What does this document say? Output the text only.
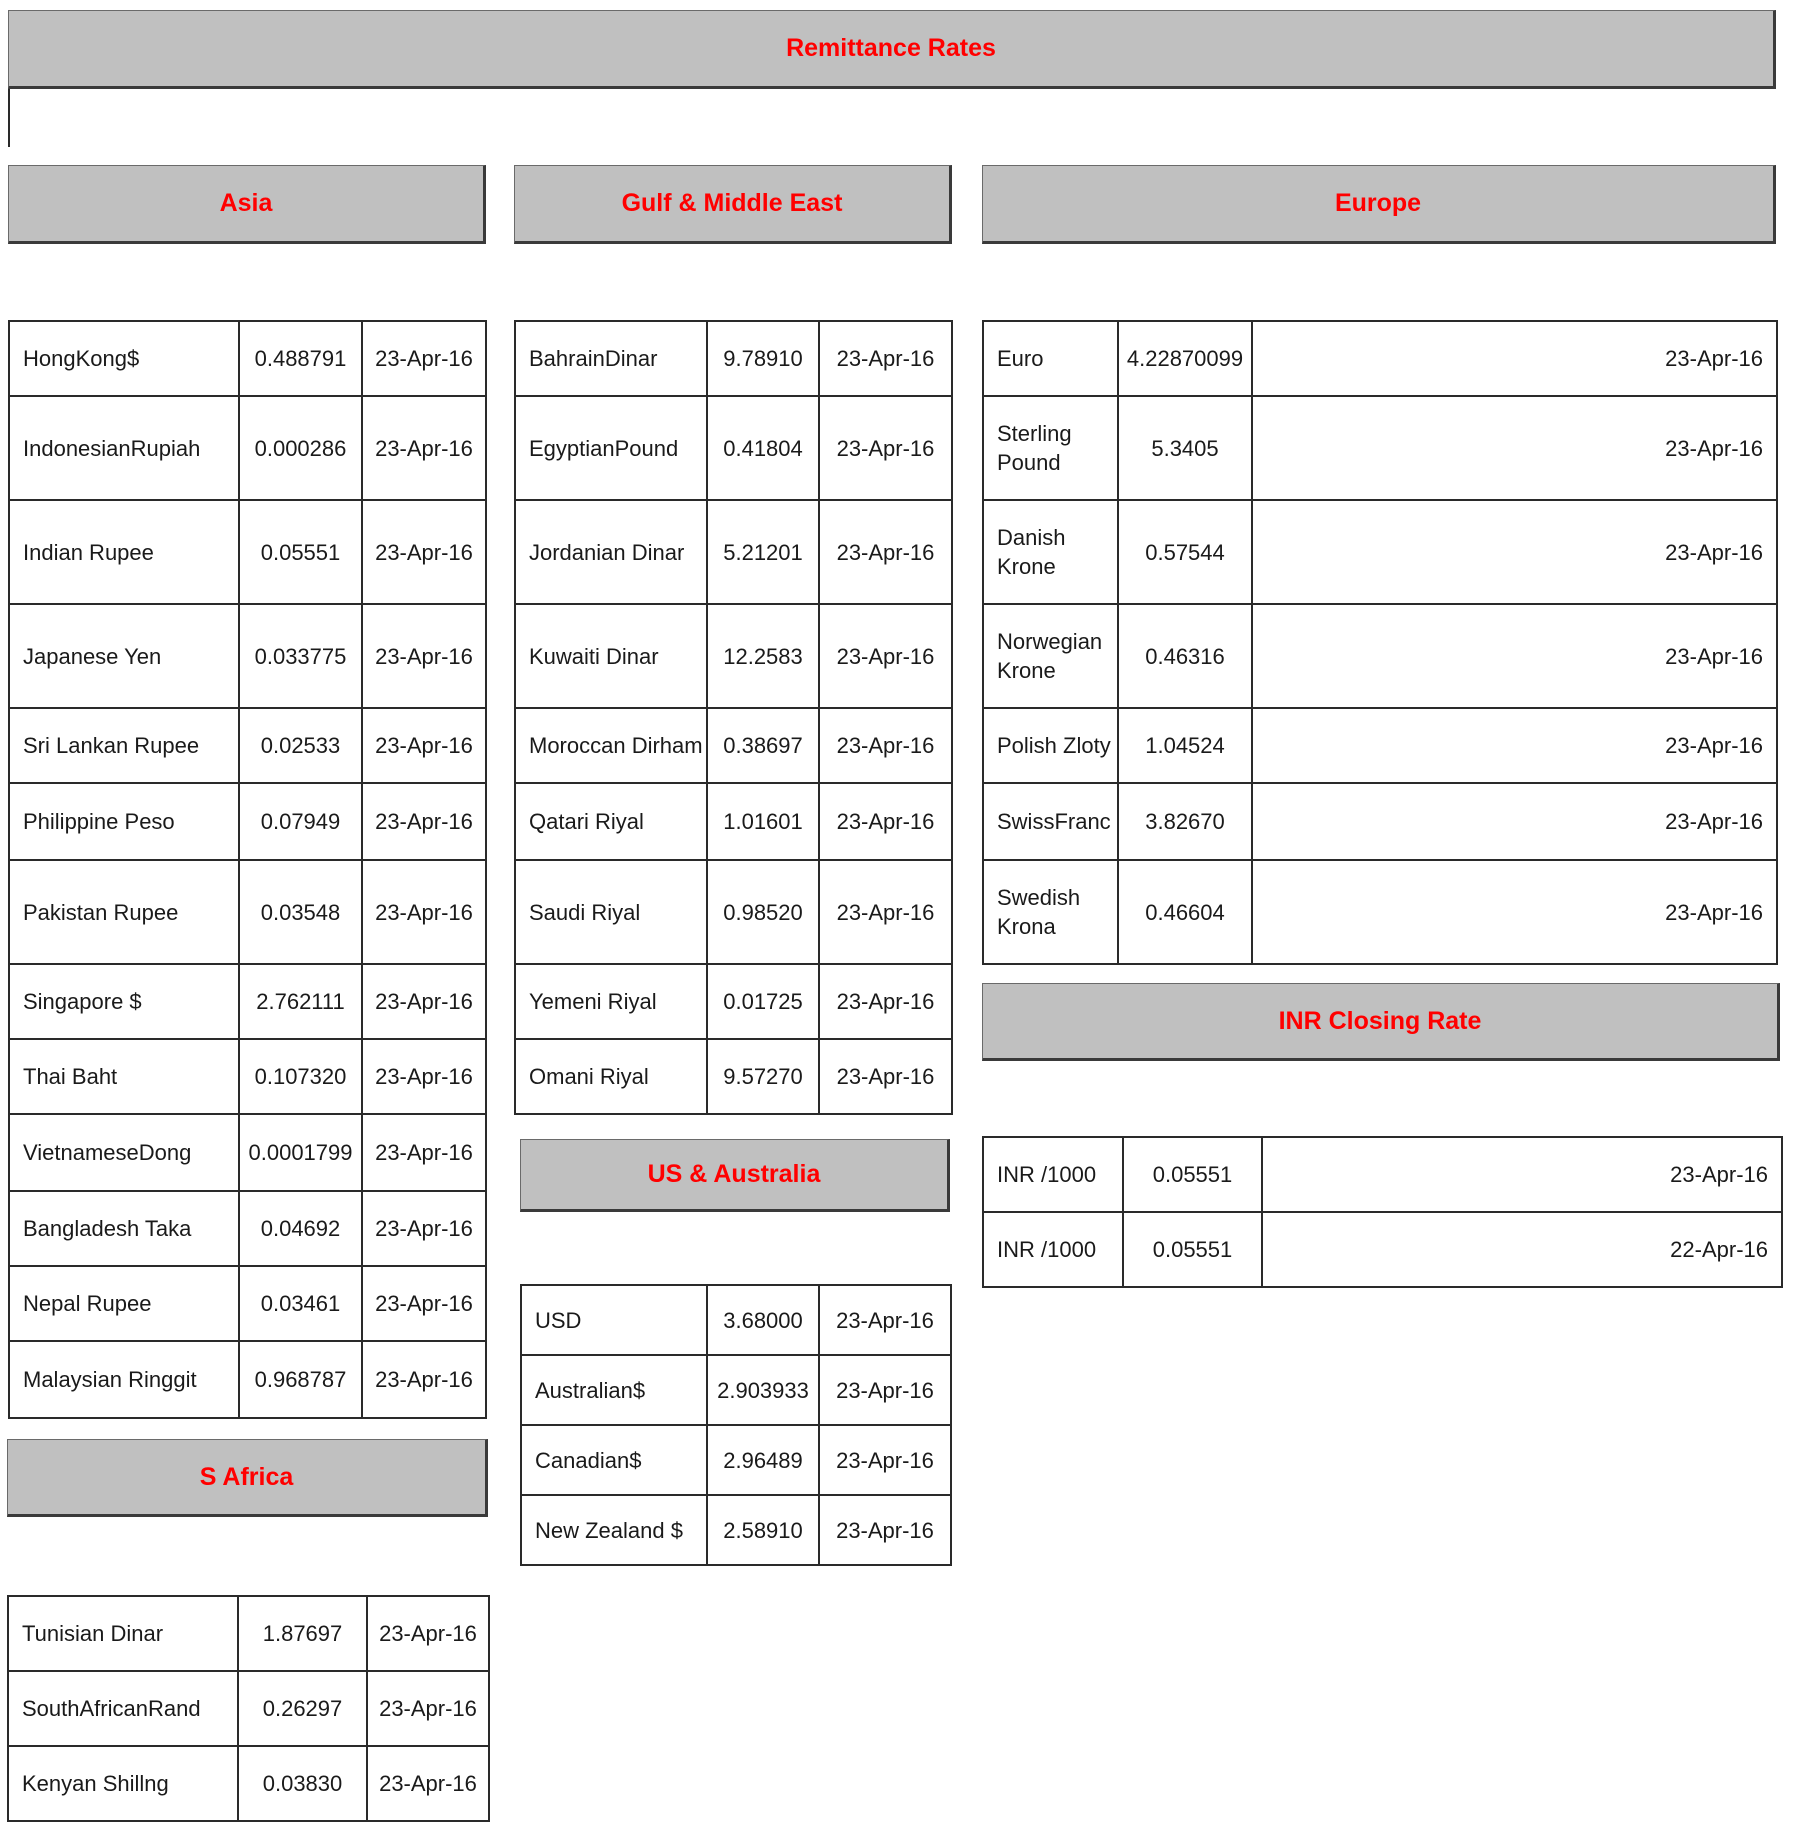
Remittance Rates
Asia	Gulf & Middle East	Europe
INR Closing Rate
US & Australia
S Africa
HongKong$	0.488791	23-Apr-16
IndonesianRupiah	0.000286	23-Apr-16
Indian Rupee	0.05551	23-Apr-16
Japanese Yen	0.033775	23-Apr-16
Sri Lankan Rupee	0.02533	23-Apr-16
Philippine Peso	0.07949	23-Apr-16
Pakistan Rupee	0.03548	23-Apr-16
Singapore $	2.762111	23-Apr-16
Thai Baht	0.107320	23-Apr-16
VietnameseDong	0.0001799	23-Apr-16
Bangladesh Taka	0.04692	23-Apr-16
Nepal Rupee	0.03461	23-Apr-16
Malaysian Ringgit	0.968787	23-Apr-16
BahrainDinar	9.78910	23-Apr-16
EgyptianPound	0.41804	23-Apr-16
Jordanian Dinar	5.21201	23-Apr-16
Kuwaiti Dinar	12.2583	23-Apr-16
Moroccan Dirham	0.38697	23-Apr-16
Qatari Riyal	1.01601	23-Apr-16
Saudi Riyal	0.98520	23-Apr-16
Yemeni Riyal	0.01725	23-Apr-16
Omani Riyal	9.57270	23-Apr-16
Euro	4.22870099	23-Apr-16
Sterling Pound	5.3405	23-Apr-16
Danish Krone	0.57544	23-Apr-16
Norwegian Krone	0.46316	23-Apr-16
Polish Zloty	1.04524	23-Apr-16
SwissFranc	3.82670	23-Apr-16
Swedish Krona	0.46604	23-Apr-16
INR /1000	0.05551	23-Apr-16
INR /1000	0.05551	22-Apr-16
USD	3.68000	23-Apr-16
Australian$	2.903933	23-Apr-16
Canadian$	2.96489	23-Apr-16
New Zealand $	2.58910	23-Apr-16
Tunisian Dinar	1.87697	23-Apr-16
SouthAfricanRand	0.26297	23-Apr-16
Kenyan Shillng	0.03830	23-Apr-16
